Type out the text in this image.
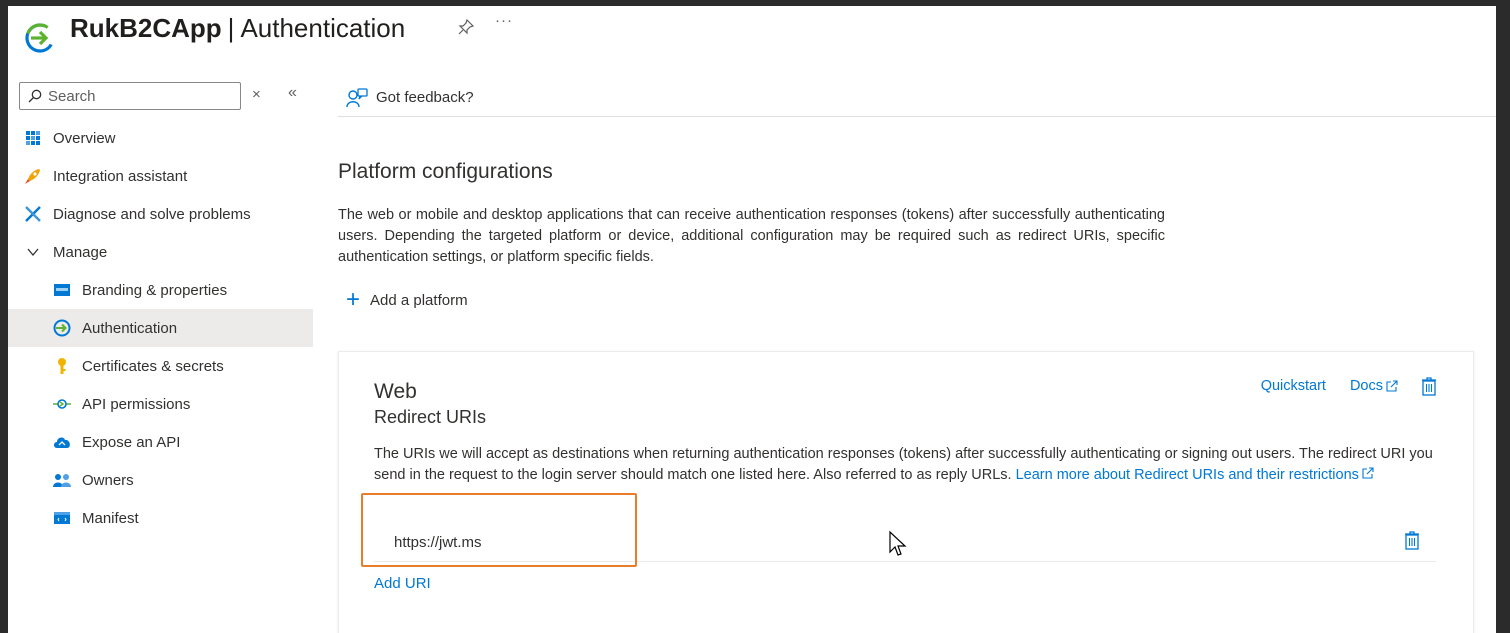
RukB2CApp | Authentication	···
Search
× «
Overview
Integration assistant
Diagnose and solve problems
Manage
Branding & properties
Authentication
Certificates & secrets
API permissions
Expose an API
Owners
Manifest
Got feedback?
Platform configurations
The web or mobile and desktop applications that can receive authentication responses (tokens) after successfully authenticating users. Depending the targeted platform or device, additional configuration may be required such as redirect URIs, specific authentication settings, or platform specific fields.
+ Add a platform
Web
Redirect URIs
Quickstart Docs
The URIs we will accept as destinations when returning authentication responses (tokens) after successfully authenticating or signing out users. The redirect URI you send in the request to the login server should match one listed here. Also referred to as reply URLs. Learn more about Redirect URIs and their restrictions
https://jwt.ms
Add URI
